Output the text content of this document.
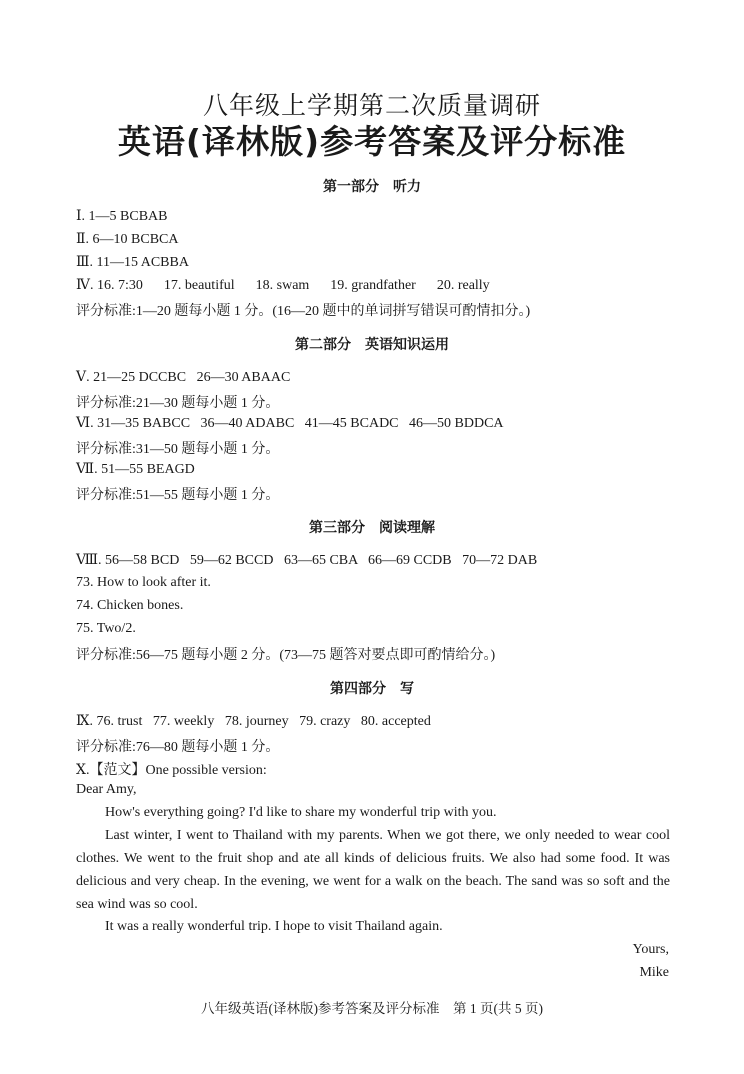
八年级上学期第二次质量调研
英语(译林版)参考答案及评分标准
第一部分　听力
Ⅰ. 1—5 BCBAB
Ⅱ. 6—10 BCBCA
Ⅲ. 11—15 ACBBA
Ⅳ. 16. 7:30      17. beautiful      18. swam      19. grandfather      20. really
评分标准:1—20 题每小题 1 分。(16—20 题中的单词拼写错误可酌情扣分。)
第二部分　英语知识运用
Ⅴ. 21—25 DCCBC   26—30 ABAAC
评分标准:21—30 题每小题 1 分。
Ⅵ. 31—35 BABCC   36—40 ADABC   41—45 BCADC   46—50 BDDCA
评分标准:31—50 题每小题 1 分。
Ⅶ. 51—55 BEAGD
评分标准:51—55 题每小题 1 分。
第三部分　阅读理解
Ⅷ. 56—58 BCD   59—62 BCCD   63—65 CBA   66—69 CCDB   70—72 DAB
73. How to look after it.
74. Chicken bones.
75. Two/2.
评分标准:56—75 题每小题 2 分。(73—75 题答对要点即可酌情给分。)
第四部分　写
Ⅸ. 76. trust   77. weekly   78. journey   79. crazy   80. accepted
评分标准:76—80 题每小题 1 分。
Ⅹ.【范文】One possible version:
Dear Amy,
How's everything going? I'd like to share my wonderful trip with you.
Last winter, I went to Thailand with my parents. When we got there, we only needed to wear cool clothes. We went to the fruit shop and ate all kinds of delicious fruits. We also had some food. It was delicious and very cheap. In the evening, we went for a walk on the beach. The sand was so soft and the sea wind was so cool.
It was a really wonderful trip. I hope to visit Thailand again.
Yours,
Mike
八年级英语(译林版)参考答案及评分标准　第 1 页(共 5 页)
